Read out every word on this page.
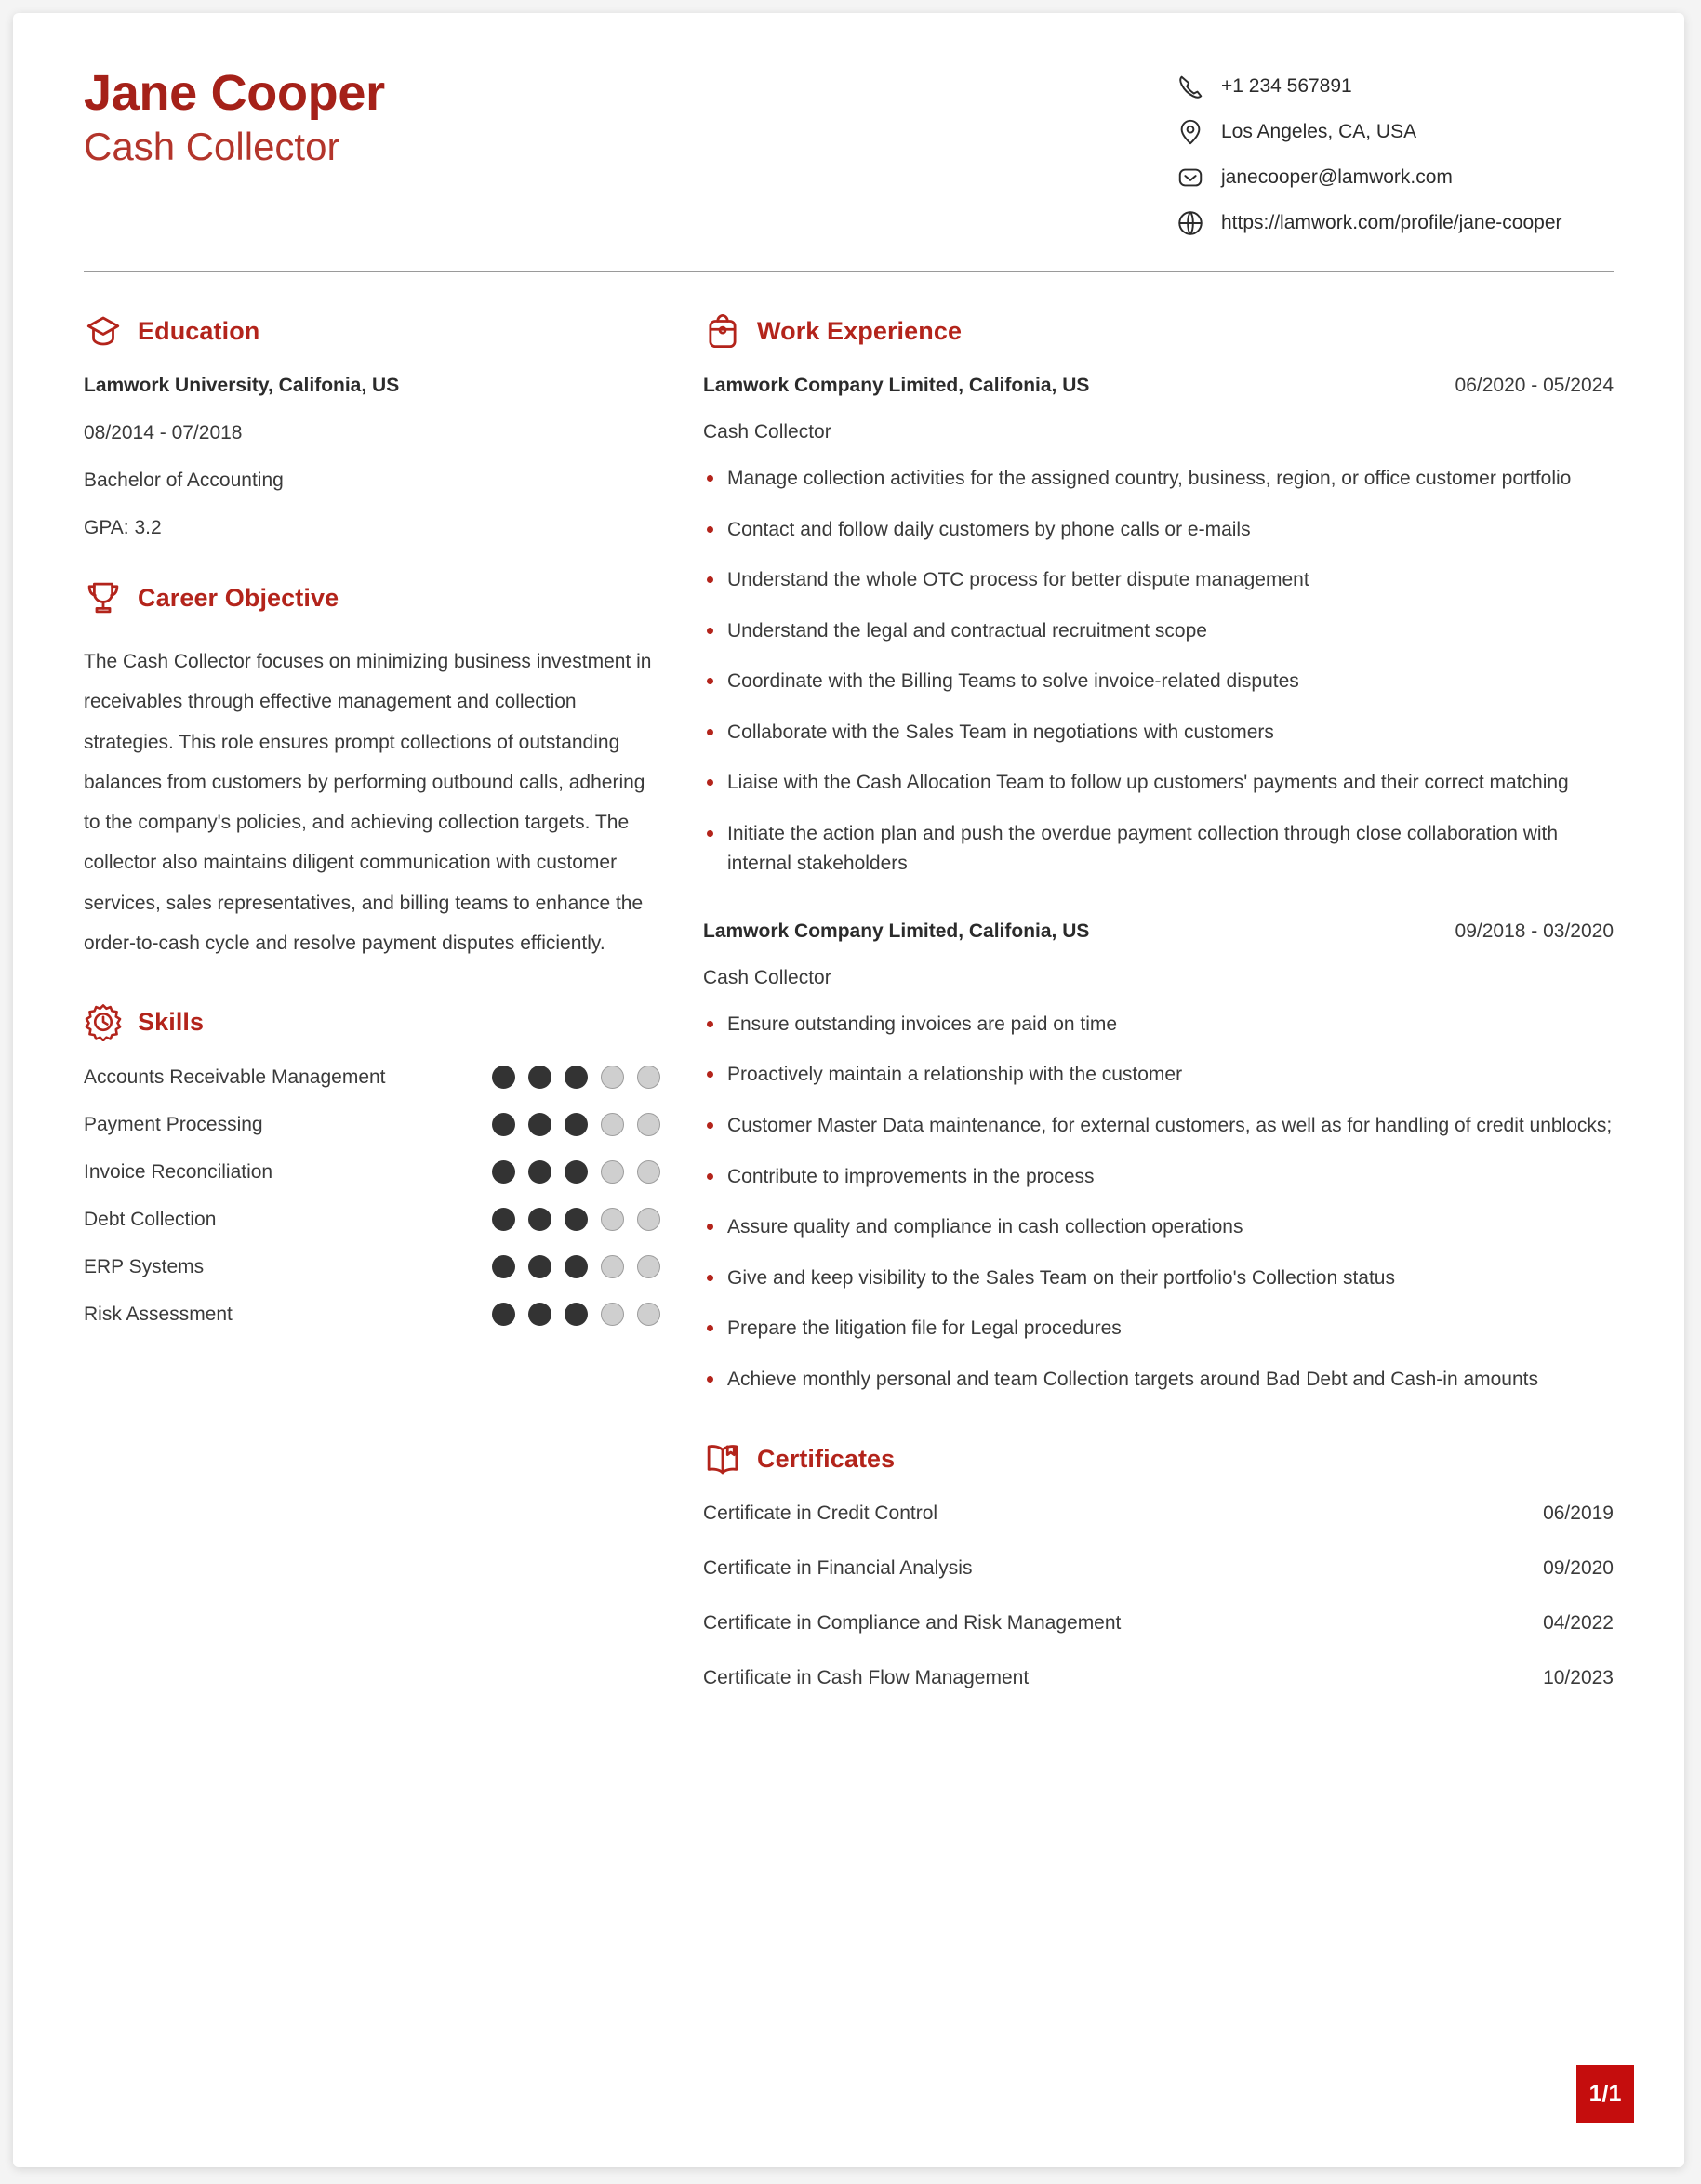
Jane Cooper
Cash Collector
+1 234 567891
Los Angeles, CA, USA
janecooper@lamwork.com
https://lamwork.com/profile/jane-cooper
Education
Lamwork University, Califonia, US
08/2014 - 07/2018
Bachelor of Accounting
GPA: 3.2
Career Objective
The Cash Collector focuses on minimizing business investment in receivables through effective management and collection strategies. This role ensures prompt collections of outstanding balances from customers by performing outbound calls, adhering to the company's policies, and achieving collection targets. The collector also maintains diligent communication with customer services, sales representatives, and billing teams to enhance the order-to-cash cycle and resolve payment disputes efficiently.
Skills
Accounts Receivable Management
Payment Processing
Invoice Reconciliation
Debt Collection
ERP Systems
Risk Assessment
Work Experience
Lamwork Company Limited, Califonia, US	06/2020 - 05/2024
Cash Collector
Manage collection activities for the assigned country, business, region, or office customer portfolio
Contact and follow daily customers by phone calls or e-mails
Understand the whole OTC process for better dispute management
Understand the legal and contractual recruitment scope
Coordinate with the Billing Teams to solve invoice-related disputes
Collaborate with the Sales Team in negotiations with customers
Liaise with the Cash Allocation Team to follow up customers' payments and their correct matching
Initiate the action plan and push the overdue payment collection through close collaboration with internal stakeholders
Lamwork Company Limited, Califonia, US	09/2018 - 03/2020
Cash Collector
Ensure outstanding invoices are paid on time
Proactively maintain a relationship with the customer
Customer Master Data maintenance, for external customers, as well as for handling of credit unblocks;
Contribute to improvements in the process
Assure quality and compliance in cash collection operations
Give and keep visibility to the Sales Team on their portfolio's Collection status
Prepare the litigation file for Legal procedures
Achieve monthly personal and team Collection targets around Bad Debt and Cash-in amounts
Certificates
Certificate in Credit Control	06/2019
Certificate in Financial Analysis	09/2020
Certificate in Compliance and Risk Management	04/2022
Certificate in Cash Flow Management	10/2023
1/1
